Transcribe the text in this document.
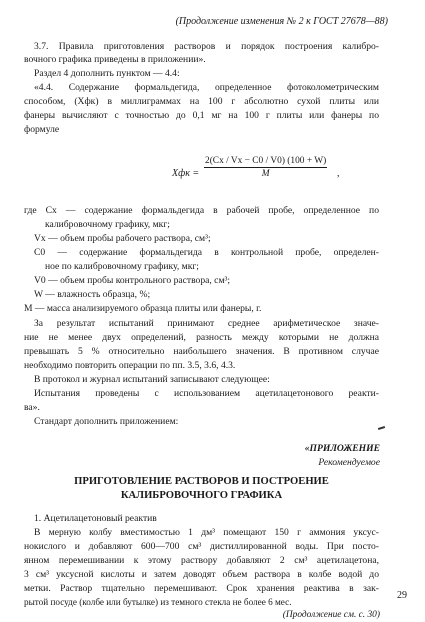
(Продолжение изменения № 2 к ГОСТ 27678—88)
3.7. Правила приготовления растворов и порядок построения калибро-
вочного графика приведены в приложении».
Раздел 4 дополнить пунктом — 4.4:
«4.4. Содержание формальдегида, определенное фотоколометрическим
способом, (Xфк) в миллиграммах на 100 г абсолютно сухой плиты или
фанеры вычисляют с точностью до 0,1 мг на 100 г плиты или фанеры по
формуле
Xфк = $\frac{2(Cx / Vx - C0 / V0) (100 + W)}{M}$ ,
где Cx — содержание формальдегида в рабочей пробе, определенное по
калибровочному графику, мкг;
Vx — объем пробы рабочего раствора, см³;
C0 — содержание формальдегида в контрольной пробе, определен-
ное по калибровочному графику, мкг;
V0 — объем пробы контрольного раствора, см³;
W — влажность образца, %;
M — масса анализируемого образца плиты или фанеры, г.
За результат испытаний принимают среднее арифметическое значе-
ние не менее двух определений, разность между которыми не должна
превышать 5 % относительно наибольшего значения. В противном случае
необходимо повторить операции по пп. 3.5, 3.6, 4.3.
В протокол и журнал испытаний записывают следующее:
Испытания проведены с использованием ацетилацетонового реакти-
ва».
Стандарт дополнить приложением:
«ПРИЛОЖЕНИЕ
Рекомендуемое
ПРИГОТОВЛЕНИЕ РАСТВОРОВ И ПОСТРОЕНИЕ
КАЛИБРОВОЧНОГО ГРАФИКА
1. Ацетилацетоновый реактив
В мерную колбу вместимостью 1 дм³ помещают 150 г аммония уксус-
нокислого и добавляют 600—700 см³ дистиллированной воды. При посто-
янном перемешивании к этому раствору добавляют 2 см³ ацетилацетона,
3 см³ уксусной кислоты и затем доводят объем раствора в колбе водой до
метки. Раствор тщательно перемешивают. Срок хранения реактива в зак-
рытой посуде (колбе или бутылке) из темного стекла не более 6 мес.
(Продолжение см. с. 30)
29
